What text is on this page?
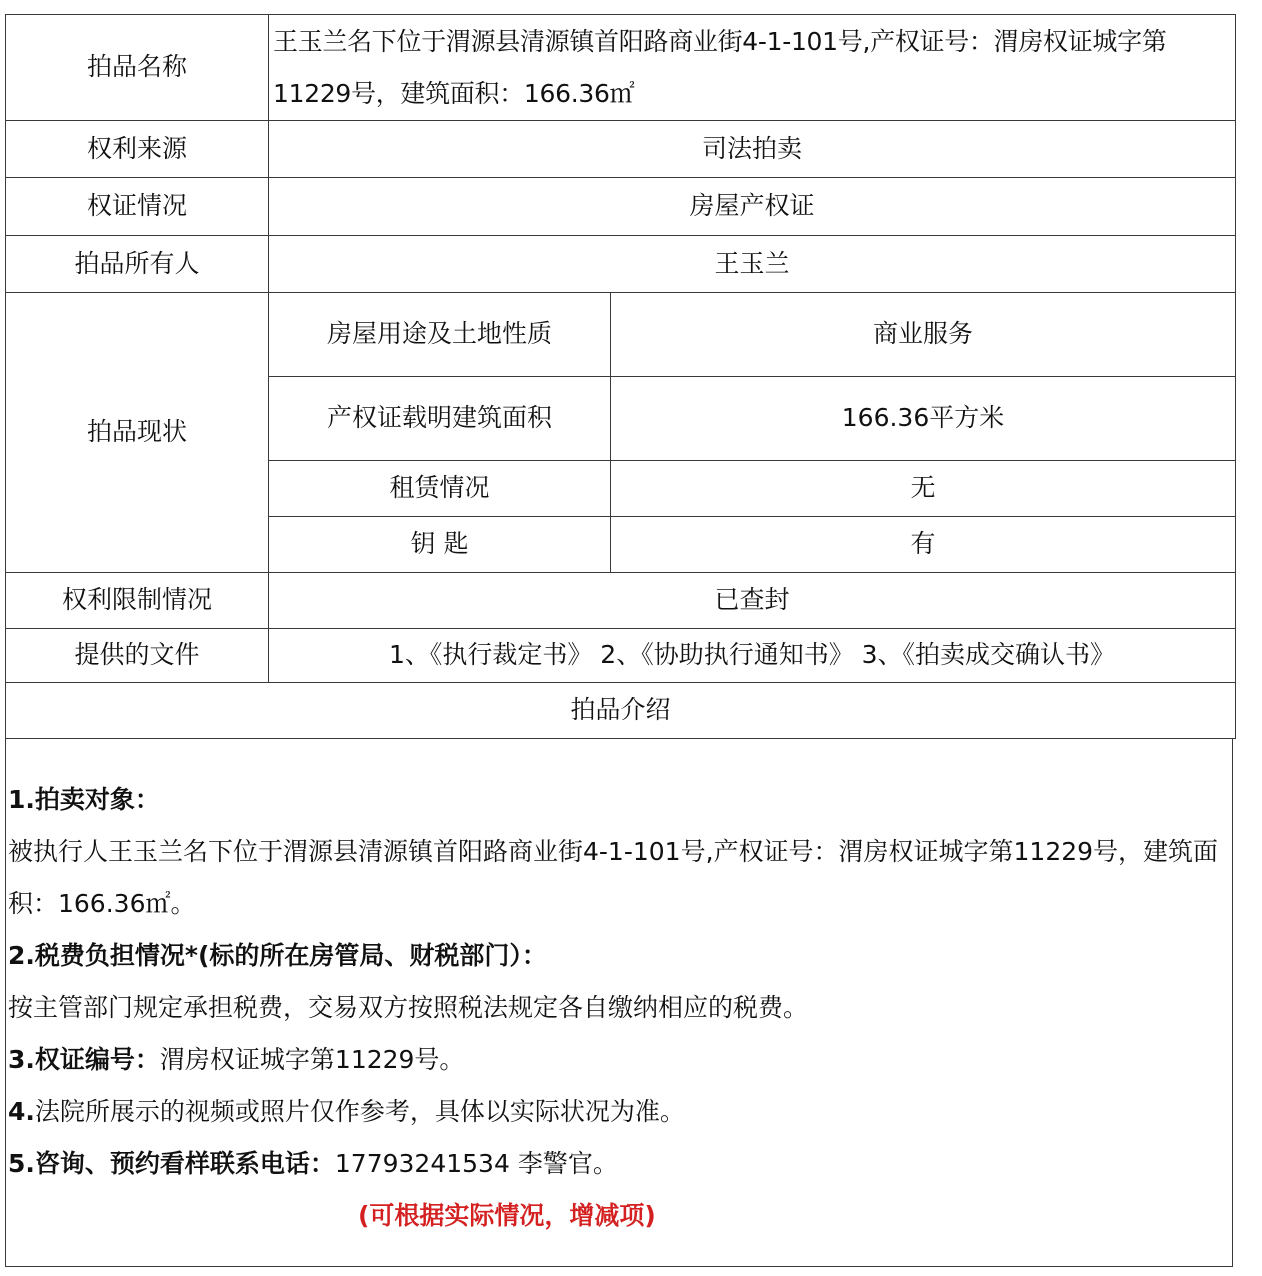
拍品名称	王玉兰名下位于渭源县清源镇首阳路商业街4-1-101号,产权证号：渭房权证城字第11229号，建筑面积：166.36㎡	
权利来源	司法拍卖	
权证情况	房屋产权证	
拍品所有人	王玉兰	
拍品现状	房屋用途及土地性质	商业服务
	产权证载明建筑面积	166.36平方米
	租赁情况	无
	钥 匙	有
权利限制情况	已查封	
提供的文件	1、《执行裁定书》 2、《协助执行通知书》 3、《拍卖成交确认书》	
拍品介绍		

1.拍卖对象：

被执行人王玉兰名下位于渭源县清源镇首阳路商业街4-1-101号,产权证号：渭房权证城字第11229号，建筑面积：166.36㎡。

2.税费负担情况*(标的所在房管局、财税部门）：

按主管部门规定承担税费，交易双方按照税法规定各自缴纳相应的税费。

3.权证编号：渭房权证城字第11229号。

4.法院所展示的视频或照片仅作参考，具体以实际状况为准。

5.咨询、预约看样联系电话：17793241534 李警官。

(可根据实际情况，增减项)
